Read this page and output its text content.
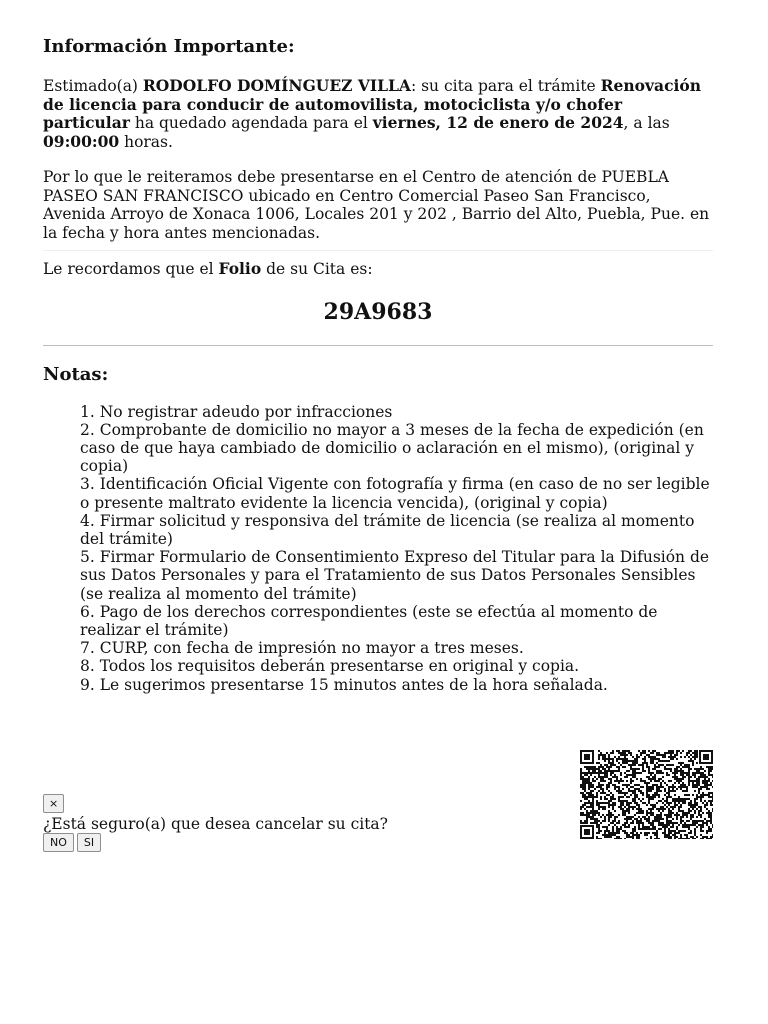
Información Importante:

Estimado(a) RODOLFO DOMÍNGUEZ VILLA: su cita para el trámite Renovación de licencia para conducir de automovilista, motociclista y/o chofer particular ha quedado agendada para el viernes, 12 de enero de 2024, a las 09:00:00 horas.

Por lo que le reiteramos debe presentarse en el Centro de atención de PUEBLA PASEO SAN FRANCISCO ubicado en Centro Comercial Paseo San Francisco, Avenida Arroyo de Xonaca 1006, Locales 201 y 202 , Barrio del Alto, Puebla, Pue. en la fecha y hora antes mencionadas.

Le recordamos que el Folio de su Cita es:

29A9683
Notas:
1. No registrar adeudo por infracciones
2. Comprobante de domicilio no mayor a 3 meses de la fecha de expedición (en caso de que haya cambiado de domicilio o aclaración en el mismo), (original y copia)
3. Identificación Oficial Vigente con fotografía y firma (en caso de no ser legible o presente maltrato evidente la licencia vencida), (original y copia)
4. Firmar solicitud y responsiva del trámite de licencia (se realiza al momento del trámite)
5. Firmar Formulario de Consentimiento Expreso del Titular para la Difusión de sus Datos Personales y para el Tratamiento de sus Datos Personales Sensibles (se realiza al momento del trámite)
6. Pago de los derechos correspondientes (este se efectúa al momento de realizar el trámite)
7. CURP, con fecha de impresión no mayor a tres meses.
8. Todos los requisitos deberán presentarse en original y copia.
9. Le sugerimos presentarse 15 minutos antes de la hora señalada.
×
¿Está seguro(a) que desea cancelar su cita?
NO	SI
